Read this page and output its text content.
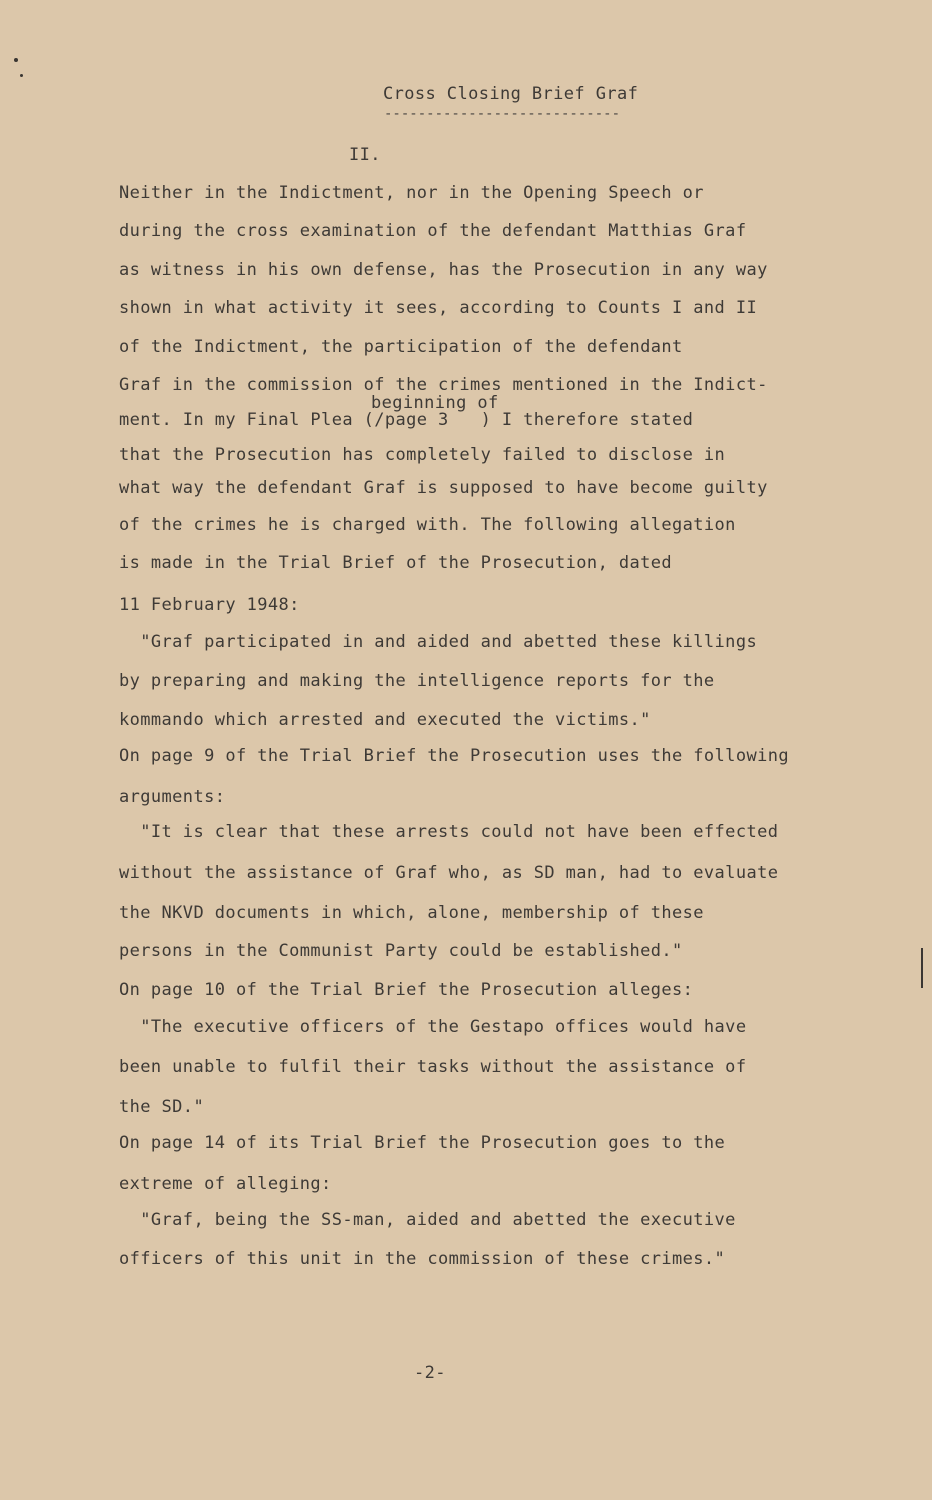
Cross Closing Brief Graf
----------------------------
II.
beginning of
Neither in the Indictment, nor in the Opening Speech or
during the cross examination of the defendant Matthias Graf
as witness in his own defense, has the Prosecution in any way
shown in what activity it sees, according to Counts I and II
of the Indictment, the participation of the defendant
Graf in the commission of the crimes mentioned in the Indict-
ment. In my Final Plea (/page 3   ) I therefore stated
that the Prosecution has completely failed to disclose in
what way the defendant Graf is supposed to have become guilty
of the crimes he is charged with. The following allegation
is made in the Trial Brief of the Prosecution, dated
11 February 1948:
"Graf participated in and aided and abetted these killings
by preparing and making the intelligence reports for the
kommando which arrested and executed the victims."
On page 9 of the Trial Brief the Prosecution uses the following
arguments:
"It is clear that these arrests could not have been effected
without the assistance of Graf who, as SD man, had to evaluate
the NKVD documents in which, alone, membership of these
persons in the Communist Party could be established."
On page 10 of the Trial Brief the Prosecution alleges:
"The executive officers of the Gestapo offices would have
been unable to fulfil their tasks without the assistance of
the SD."
On page 14 of its Trial Brief the Prosecution goes to the
extreme of alleging:
"Graf, being the SS-man, aided and abetted the executive
officers of this unit in the commission of these crimes."
-2-
